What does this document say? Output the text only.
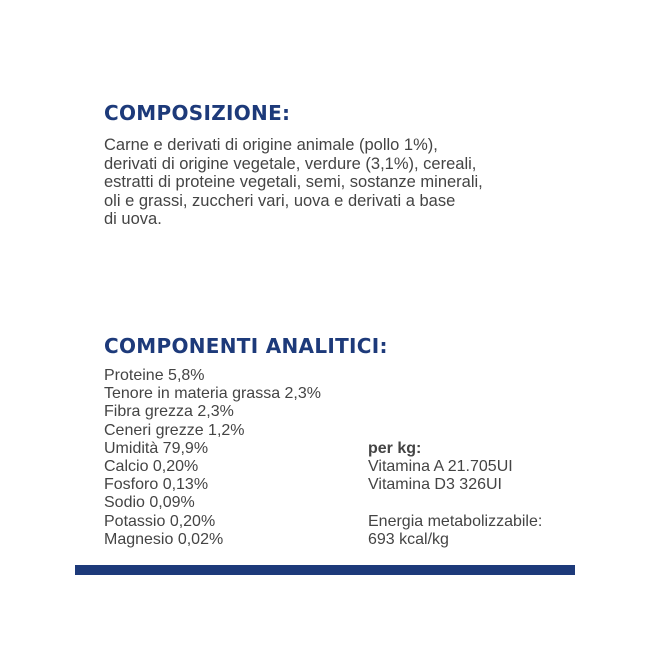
COMPOSIZIONE:

Carne e derivati di origine animale (pollo 1%),
derivati di origine vegetale, verdure (3,1%), cereali,
estratti di proteine vegetali, semi, sostanze minerali,
oli e grassi, zuccheri vari, uova e derivati a base
di uova.

COMPONENTI ANALITICI:
Proteine 5,8%
Tenore in materia grassa 2,3%
Fibra grezza 2,3%
Ceneri grezze 1,2%
Umidità 79,9%
Calcio 0,20%
Fosforo 0,13%
Sodio 0,09%
Potassio 0,20%
Magnesio 0,02%
per kg:
Vitamina A 21.705UI
Vitamina D3 326UI
Energia metabolizzabile:
693 kcal/kg
